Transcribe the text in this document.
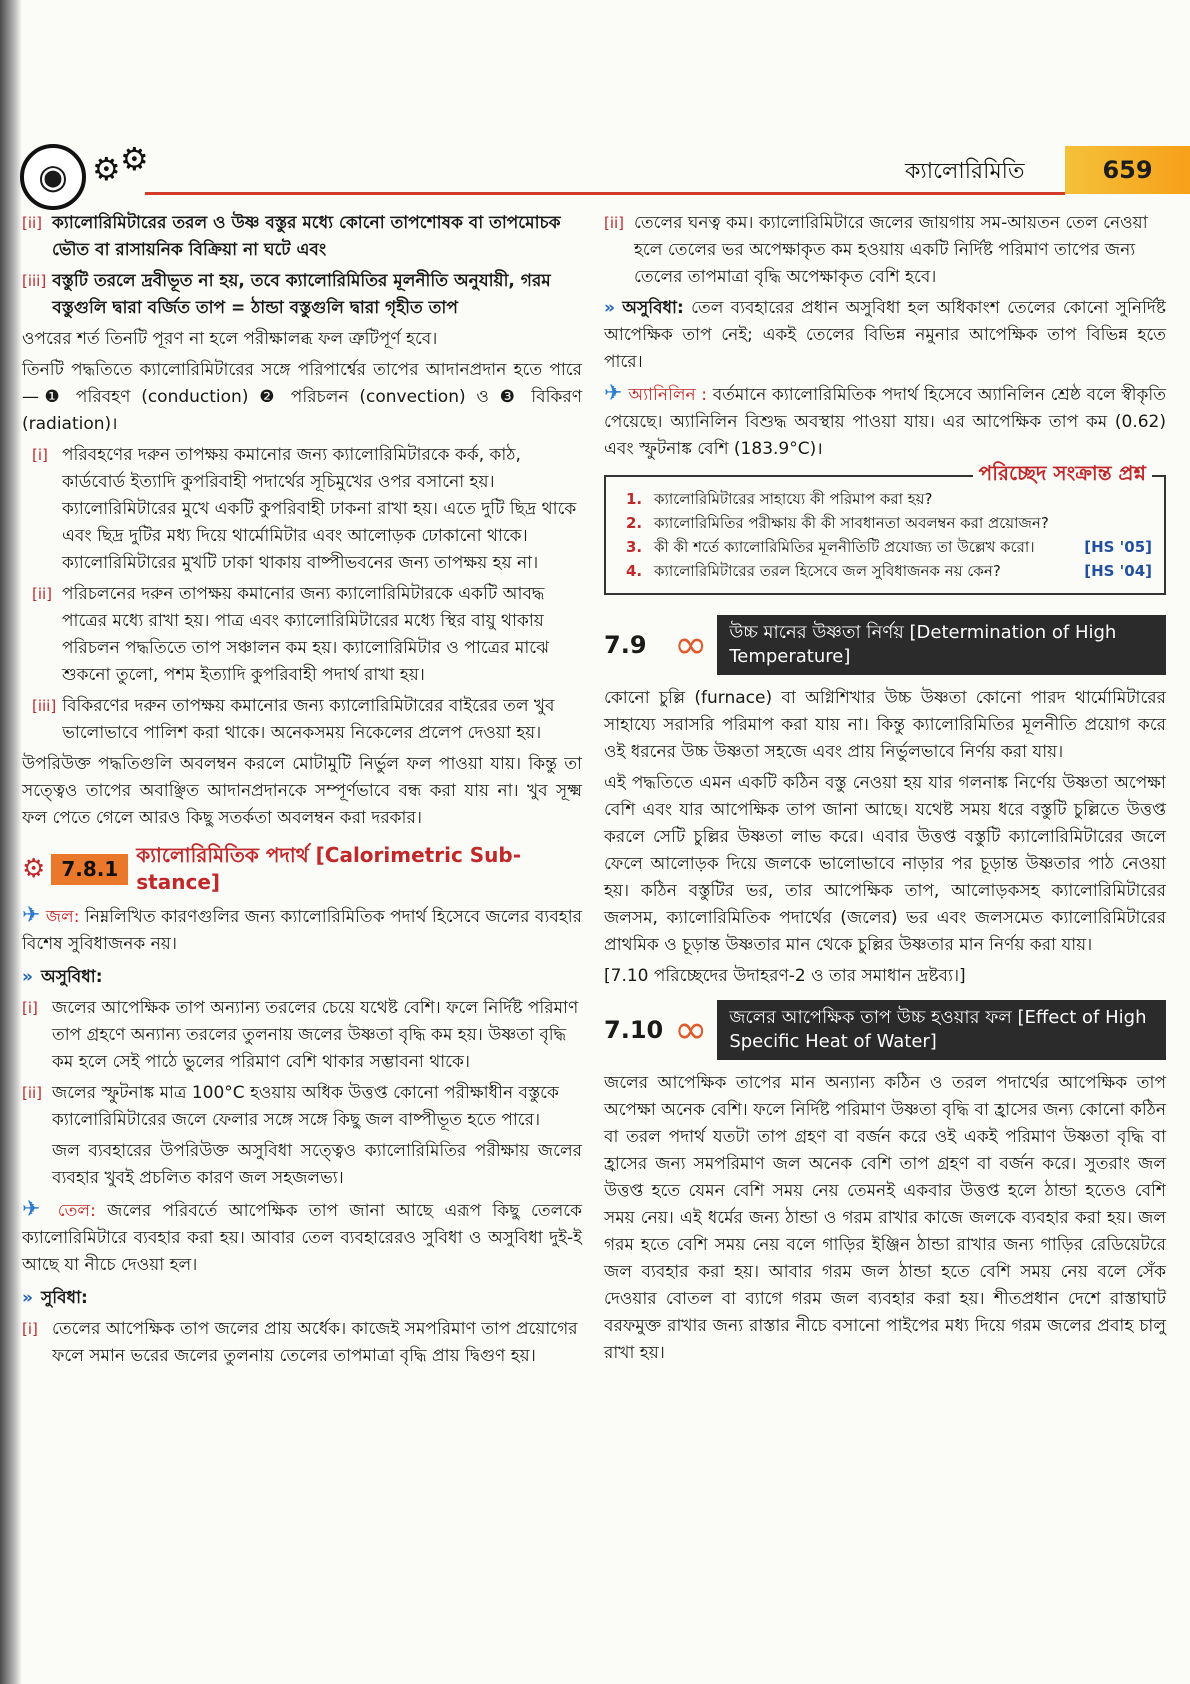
◉ ⚙ ⚙	ক্যালোরিমিতি	659
[ii] ক্যালোরিমিটারের তরল ও উষ্ণ বস্তুর মধ্যে কোনো তাপশোষক বা তাপমোচক ভৌত বা রাসায়নিক বিক্রিয়া না ঘটে এবং
[iii] বস্তুটি তরলে দ্রবীভূত না হয়, তবে ক্যালোরিমিতির মূলনীতি অনুযায়ী, গরম বস্তুগুলি দ্বারা বর্জিত তাপ = ঠান্ডা বস্তুগুলি দ্বারা গৃহীত তাপ

ওপরের শর্ত তিনটি পূরণ না হলে পরীক্ষালব্ধ ফল ত্রুটিপূর্ণ হবে।

তিনটি পদ্ধতিতে ক্যালোরিমিটারের সঙ্গে পরিপার্শ্বের তাপের আদানপ্রদান হতে পারে—❶ পরিবহণ (conduction) ❷ পরিচলন (convection) ও ❸ বিকিরণ (radiation)।

[i] পরিবহণের দরুন তাপক্ষয় কমানোর জন্য ক্যালোরিমিটারকে কর্ক, কাঠ, কার্ডবোর্ড ইত্যাদি কুপরিবাহী পদার্থের সূচিমুখের ওপর বসানো হয়। ক্যালোরিমিটারের মুখে একটি কুপরিবাহী ঢাকনা রাখা হয়। এতে দুটি ছিদ্র থাকে এবং ছিদ্র দুটির মধ্য দিয়ে থার্মোমিটার এবং আলোড়ক ঢোকানো থাকে। ক্যালোরিমিটারের মুখটি ঢাকা থাকায় বাষ্পীভবনের জন্য তাপক্ষয় হয় না।
[ii] পরিচলনের দরুন তাপক্ষয় কমানোর জন্য ক্যালোরিমিটারকে একটি আবদ্ধ পাত্রের মধ্যে রাখা হয়। পাত্র এবং ক্যালোরিমিটারের মধ্যে স্থির বায়ু থাকায় পরিচলন পদ্ধতিতে তাপ সঞ্চালন কম হয়। ক্যালোরিমিটার ও পাত্রের মাঝে শুকনো তুলো, পশম ইত্যাদি কুপরিবাহী পদার্থ রাখা হয়।
[iii] বিকিরণের দরুন তাপক্ষয় কমানোর জন্য ক্যালোরিমিটারের বাইরের তল খুব ভালোভাবে পালিশ করা থাকে। অনেকসময় নিকেলের প্রলেপ দেওয়া হয়।

উপরিউক্ত পদ্ধতিগুলি অবলম্বন করলে মোটামুটি নির্ভুল ফল পাওয়া যায়। কিন্তু তা সত্ত্বেও তাপের অবাঞ্ছিত আদানপ্রদানকে সম্পূর্ণভাবে বন্ধ করা যায় না। খুব সূক্ষ্ম ফল পেতে গেলে আরও কিছু সতর্কতা অবলম্বন করা দরকার।

⚙ 7.8.1
ক্যালোরিমিতিক পদার্থ [Calorimetric Sub-stance]

✈ জল: নিম্নলিখিত কারণগুলির জন্য ক্যালোরিমিতিক পদার্থ হিসেবে জলের ব্যবহার বিশেষ সুবিধাজনক নয়।

» অসুবিধা:
[i] জলের আপেক্ষিক তাপ অন্যান্য তরলের চেয়ে যথেষ্ট বেশি। ফলে নির্দিষ্ট পরিমাণ তাপ গ্রহণে অন্যান্য তরলের তুলনায় জলের উষ্ণতা বৃদ্ধি কম হয়। উষ্ণতা বৃদ্ধি কম হলে সেই পাঠে ভুলের পরিমাণ বেশি থাকার সম্ভাবনা থাকে।
[ii] জলের স্ফুটনাঙ্ক মাত্র 100°C হওয়ায় অধিক উত্তপ্ত কোনো পরীক্ষাধীন বস্তুকে ক্যালোরিমিটারের জলে ফেলার সঙ্গে সঙ্গে কিছু জল বাষ্পীভূত হতে পারে।

জল ব্যবহারের উপরিউক্ত অসুবিধা সত্ত্বেও ক্যালোরিমিতির পরীক্ষায় জলের ব্যবহার খুবই প্রচলিত কারণ জল সহজলভ্য।

✈ তেল: জলের পরিবর্তে আপেক্ষিক তাপ জানা আছে এরূপ কিছু তেলকে ক্যালোরিমিটারে ব্যবহার করা হয়। আবার তেল ব্যবহারেরও সুবিধা ও অসুবিধা দুই-ই আছে যা নীচে দেওয়া হল।

» সুবিধা:
[i] তেলের আপেক্ষিক তাপ জলের প্রায় অর্ধেক। কাজেই সমপরিমাণ তাপ প্রয়োগের ফলে সমান ভরের জলের তুলনায় তেলের তাপমাত্রা বৃদ্ধি প্রায় দ্বিগুণ হয়।
[ii] তেলের ঘনত্ব কম। ক্যালোরিমিটারে জলের জায়গায় সম-আয়তন তেল নেওয়া হলে তেলের ভর অপেক্ষাকৃত কম হওয়ায় একটি নির্দিষ্ট পরিমাণ তাপের জন্য তেলের তাপমাত্রা বৃদ্ধি অপেক্ষাকৃত বেশি হবে।

» অসুবিধা: তেল ব্যবহারের প্রধান অসুবিধা হল অধিকাংশ তেলের কোনো সুনির্দিষ্ট আপেক্ষিক তাপ নেই; একই তেলের বিভিন্ন নমুনার আপেক্ষিক তাপ বিভিন্ন হতে পারে।

✈ অ্যানিলিন : বর্তমানে ক্যালোরিমিতিক পদার্থ হিসেবে অ্যানিলিন শ্রেষ্ঠ বলে স্বীকৃতি পেয়েছে। অ্যানিলিন বিশুদ্ধ অবস্থায় পাওয়া যায়। এর আপেক্ষিক তাপ কম (0.62) এবং স্ফুটনাঙ্ক বেশি (183.9°C)।

পরিচ্ছেদ সংক্রান্ত প্রশ্ন
1. ক্যালোরিমিটারের সাহায্যে কী পরিমাপ করা হয়?
2. ক্যালোরিমিতির পরীক্ষায় কী কী সাবধানতা অবলম্বন করা প্রয়োজন?
3. কী কী শর্তে ক্যালোরিমিতির মূলনীতিটি প্রযোজ্য তা উল্লেখ করো।	[HS '05]
4. ক্যালোরিমিটারের তরল হিসেবে জল সুবিধাজনক নয় কেন?	[HS '04]
7.9 ∞	উচ্চ মানের উষ্ণতা নির্ণয় [Determination of High Temperature]

কোনো চুল্লি (furnace) বা অগ্নিশিখার উচ্চ উষ্ণতা কোনো পারদ থার্মোমিটারের সাহায্যে সরাসরি পরিমাপ করা যায় না। কিন্তু ক্যালোরিমিতির মূলনীতি প্রয়োগ করে ওই ধরনের উচ্চ উষ্ণতা সহজে এবং প্রায় নির্ভুলভাবে নির্ণয় করা যায়।

এই পদ্ধতিতে এমন একটি কঠিন বস্তু নেওয়া হয় যার গলনাঙ্ক নির্ণেয় উষ্ণতা অপেক্ষা বেশি এবং যার আপেক্ষিক তাপ জানা আছে। যথেষ্ট সময় ধরে বস্তুটি চুল্লিতে উত্তপ্ত করলে সেটি চুল্লির উষ্ণতা লাভ করে। এবার উত্তপ্ত বস্তুটি ক্যালোরিমিটারের জলে ফেলে আলোড়ক দিয়ে জলকে ভালোভাবে নাড়ার পর চূড়ান্ত উষ্ণতার পাঠ নেওয়া হয়। কঠিন বস্তুটির ভর, তার আপেক্ষিক তাপ, আলোড়কসহ ক্যালোরিমিটারের জলসম, ক্যালোরিমিতিক পদার্থের (জলের) ভর এবং জলসমেত ক্যালোরিমিটারের প্রাথমিক ও চূড়ান্ত উষ্ণতার মান থেকে চুল্লির উষ্ণতার মান নির্ণয় করা যায়।

[7.10 পরিচ্ছেদের উদাহরণ-2 ও তার সমাধান দ্রষ্টব্য।]

7.10 ∞	জলের আপেক্ষিক তাপ উচ্চ হওয়ার ফল [Effect of High Specific Heat of Water]

জলের আপেক্ষিক তাপের মান অন্যান্য কঠিন ও তরল পদার্থের আপেক্ষিক তাপ অপেক্ষা অনেক বেশি। ফলে নির্দিষ্ট পরিমাণ উষ্ণতা বৃদ্ধি বা হ্রাসের জন্য কোনো কঠিন বা তরল পদার্থ যতটা তাপ গ্রহণ বা বর্জন করে ওই একই পরিমাণ উষ্ণতা বৃদ্ধি বা হ্রাসের জন্য সমপরিমাণ জল অনেক বেশি তাপ গ্রহণ বা বর্জন করে। সুতরাং জল উত্তপ্ত হতে যেমন বেশি সময় নেয় তেমনই একবার উত্তপ্ত হলে ঠান্ডা হতেও বেশি সময় নেয়। এই ধর্মের জন্য ঠান্ডা ও গরম রাখার কাজে জলকে ব্যবহার করা হয়। জল গরম হতে বেশি সময় নেয় বলে গাড়ির ইঞ্জিন ঠান্ডা রাখার জন্য গাড়ির রেডিয়েটরে জল ব্যবহার করা হয়। আবার গরম জল ঠান্ডা হতে বেশি সময় নেয় বলে সেঁক দেওয়ার বোতল বা ব্যাগে গরম জল ব্যবহার করা হয়। শীতপ্রধান দেশে রাস্তাঘাট বরফমুক্ত রাখার জন্য রাস্তার নীচে বসানো পাইপের মধ্য দিয়ে গরম জলের প্রবাহ চালু রাখা হয়।
